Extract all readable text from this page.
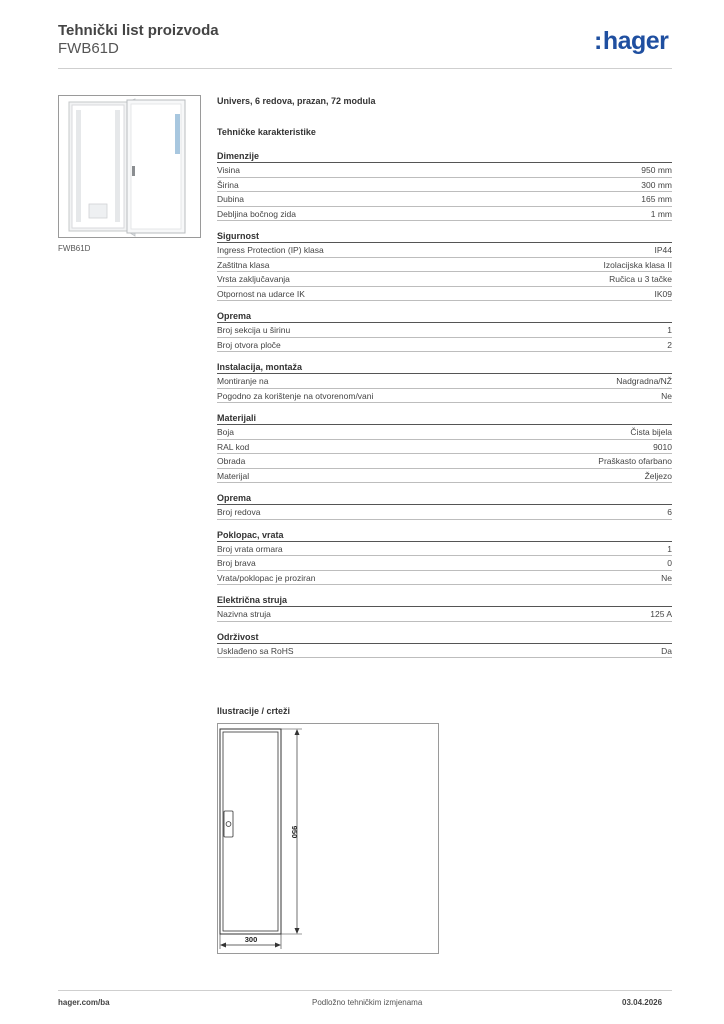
Tehnički list proizvoda
FWB61D	:hager
FWB61D
Univers, 6 redova, prazan, 72 modula
Tehničke karakteristike
Dimenzije
Visina	950 mm
Širina	300 mm
Dubina	165 mm
Debljina bočnog zida	1 mm
Sigurnost
Ingress Protection (IP) klasa	IP44
Zaštitna klasa	Izolacijska klasa II
Vrsta zaključavanja	Ručica u 3 tačke
Otpornost na udarce IK	IK09
Oprema
Broj sekcija u širinu	1
Broj otvora ploče	2
Instalacija, montaža
Montiranje na	Nadgradna/NŽ
Pogodno za korištenje na otvorenom/vani	Ne
Materijali
Boja	Čista bijela
RAL kod	9010
Obrada	Praškasto ofarbano
Materijal	Željezo
Oprema
Broj redova	6
Poklopac, vrata
Broj vrata ormara	1
Broj brava	0
Vrata/poklopac je proziran	Ne
Električna struja
Nazivna struja	125 A
Održivost
Usklađeno sa RoHS	Da
Ilustracije / crteži
950
300
hager.com/ba	Podložno tehničkim izmjenama	03.04.2026
